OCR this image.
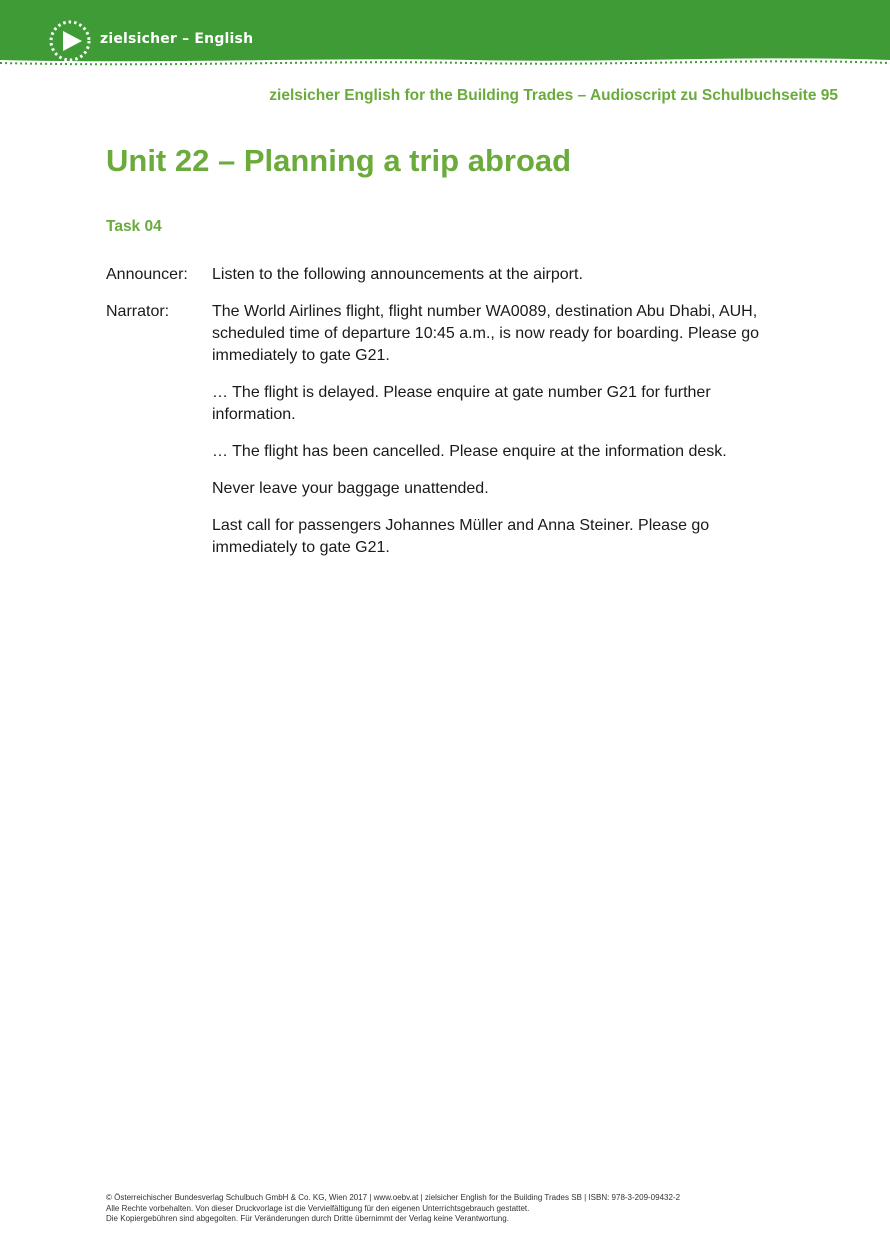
zielsicher – English
zielsicher English for the Building Trades – Audioscript zu Schulbuchseite 95
Unit 22 – Planning a trip abroad
Task 04
Announcer:	Listen to the following announcements at the airport.

Narrator:	The World Airlines flight, flight number WA0089, destination Abu Dhabi, AUH,
scheduled time of departure 10:45 a.m., is now ready for boarding. Please go
immediately to gate G21.

… The flight is delayed. Please enquire at gate number G21 for further
information.

… The flight has been cancelled. Please enquire at the information desk.

Never leave your baggage unattended.

Last call for passengers Johannes Müller and Anna Steiner. Please go
immediately to gate G21.

© Österreichischer Bundesverlag Schulbuch GmbH & Co. KG, Wien 2017 | www.oebv.at | zielsicher English for the Building Trades SB | ISBN: 978-3-209-09432-2
Alle Rechte vorbehalten. Von dieser Druckvorlage ist die Vervielfältigung für den eigenen Unterrichtsgebrauch gestattet.
Die Kopiergebühren sind abgegolten. Für Veränderungen durch Dritte übernimmt der Verlag keine Verantwortung.
